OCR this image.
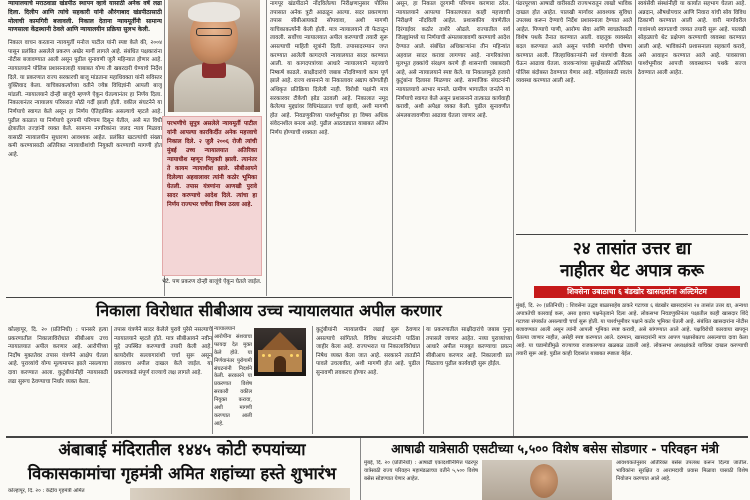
न्यायालयाचे मराठवाडा खंडपीठ स्थापन व्हावे यासाठी अनेक वर्षे लढा दिला. दिलीप आणि त्यांचे सहकारी यांनी औरंगाबाद खंडपीठासाठी मोलाची कामगिरी बजावली. निकाल देताना न्यायमूर्तींनी सामान्य माणसाला केंद्रस्थानी ठेवले आणि न्यायालयीन प्रक्रिया सुलभ केली.
निकाल वाचन करताना न्यायमूर्ती मनोज पाटील यांनी स्पष्ट केले की, २००४ पासून प्रलंबित असलेले प्रकरण अखेर मार्गी लागले आहे. संबंधित पक्षकारांना नोटीस बजावण्यात आली असून पुढील सुनावणी जुलै महिन्यात होणार आहे. न्यायालयाने पोलिस प्रशासनालाही याबाबत योग्य ती खबरदारी घेण्याचे निर्देश दिले. या प्रकरणात राज्य सरकारची बाजू मांडताना महाधिवक्ता यांनी सविस्तर युक्तिवाद केला. याचिकाकर्त्यांच्या वतीने ज्येष्ठ विधिज्ञांनी आपली बाजू मांडली. न्यायालयाने दोन्ही बाजूंचे म्हणणे ऐकून घेतल्यानंतर हा निर्णय दिला. निकालानंतर न्यायालय परिसरात मोठी गर्दी झाली होती. वकील संघटनेने या निर्णयाचे स्वागत केले असून हा निर्णय ऐतिहासिक असल्याचे म्हटले आहे. पुढील काळात या निर्णयाचे दूरगामी परिणाम दिसून येतील, असे मत विधी क्षेत्रातील तज्ज्ञांनी व्यक्त केले. सामान्य नागरिकांना जलद न्याय मिळावा यासाठी न्यायालयीन सुधारणा आवश्यक आहेत. प्रलंबित खटल्यांची संख्या कमी करण्यासाठी अतिरिक्त न्यायाधीशांची नियुक्ती करण्याची मागणी होत आहे.
परभणीचे सुपुत्र असलेले न्यायमूर्ती पाटील यांनी आपल्या कारकिर्दीत अनेक महत्त्वाचे निकाल दिले. २ जुलै २००६ रोजी त्यांची मुंबई उच्च न्यायालयात अतिरिक्त न्यायाधीश म्हणून नियुक्ती झाली. त्यानंतर ते कायम न्यायाधीश झाले. सीबीआयने दिलेल्या अहवालावर त्यांनी कठोर भूमिका घेतली. तपास यंत्रणांना आणखी पुरावे सादर करण्याचे आदेश दिले. त्यांचा हा निर्णय राज्यभर चर्चेचा विषय ठरला आहे.
भेटे. पण प्रकरण दोन्ही बाजूंचे ऐकून घेतले जाईल.
नागपूर खंडपीठाने नोंदविलेल्या निरीक्षणानुसार पोलिस तपासात अनेक त्रुटी आढळून आल्या. सदर प्रकरणाचा तपास सीबीआयकडे सोपवावा, अशी मागणी याचिकाकर्त्यांनी केली होती. मात्र न्यायालयाने ती फेटाळून लावली. सर्वोच्च न्यायालयात अपील करण्याची तयारी सुरू असल्याची माहिती सूत्रांनी दिली. तपासादरम्यान जप्त करण्यात आलेली कागदपत्रे न्यायालयात सादर करण्यात आली. या कागदपत्रांच्या आधारे न्यायालयाने महत्त्वाचे निष्कर्ष काढले. साक्षीदारांचे जबाब नोंदविण्याचे काम पूर्ण झाले आहे. राज्य शासनाने या निकालावर अद्याप कोणतीही अधिकृत प्रतिक्रिया दिलेली नाही. विरोधी पक्षांनी मात्र सरकारवर टीकेची झोड उठवली आहे. निकालात नमूद केलेल्या मुद्द्यांवर विधिमंडळात चर्चा व्हावी, अशी मागणी होत आहे. निवडणुकीच्या पार्श्वभूमीवर हा विषय अधिक संवेदनशील बनला आहे. पुढील आठवड्यात याबाबत अंतिम निर्णय होण्याची शक्यता आहे.
असून, हा निकाल दूरगामी परिणाम करणारा ठरेल. न्यायालयाने आपल्या निकालपत्रात काही महत्त्वाची निरीक्षणे नोंदविली आहेत. प्रशासकीय यंत्रणेतील दिरंगाईवर कठोर ताशेरे ओढले. राज्यातील सर्व जिल्ह्यांमध्ये या निर्णयाची अंमलबजावणी करण्याचे आदेश देण्यात आले. संबंधित अधिकाऱ्यांना तीन महिन्यांत अहवाल सादर करावा लागणार आहे. नागरिकांच्या मूलभूत हक्कांचे संरक्षण करणे ही शासनाची जबाबदारी आहे, असे न्यायालयाने स्पष्ट केले. या निकालामुळे हजारो कुटुंबांना दिलासा मिळणार आहे. सामाजिक संघटनांनी न्यायालयाचे आभार मानले. ग्रामीण भागातील जनतेने या निर्णयाचे स्वागत केले असून प्रशासनाने तात्काळ कार्यवाही करावी, अशी अपेक्षा व्यक्त केली. पुढील सुनावणीत अंमलबजावणीचा आढावा घेतला जाणार आहे.
पंढरपूरच्या आषाढी वारीसाठी राज्यभरातून लाखो भाविक दाखल होत आहेत. पालखी मार्गावर आवश्यक सुविधा उपलब्ध करून देण्याचे निर्देश प्रशासनाला देण्यात आले आहेत. पिण्याचे पाणी, आरोग्य सेवा आणि स्वच्छतेसाठी विशेष पथके तैनात करण्यात आली. वाहतूक व्यवस्थेत बदल करण्यात आले असून पर्यायी मार्गांची घोषणा करण्यात आली. जिल्हाधिकाऱ्यांनी सर्व यंत्रणांची बैठक घेऊन आढावा घेतला. वारकऱ्यांच्या सुरक्षेसाठी अतिरिक्त पोलिस बंदोबस्त ठेवण्यात येणार आहे. महिलांसाठी स्वतंत्र व्यवस्था करण्यात आली आहे.
स्वयंसेवी संस्थांनीही या कार्यात सहभाग घेतला आहे. अन्नदान, औषधोपचार आणि निवारा यांची सोय विविध ठिकाणी करण्यात आली आहे. वारी मार्गावरील गावांमध्ये स्वागताची जय्यत तयारी सुरू आहे. पालखी सोहळ्याचे थेट प्रक्षेपण करण्याची व्यवस्था करण्यात आली आहे. भाविकांनी प्रशासनाला सहकार्य करावे, असे आवाहन करण्यात आले आहे. पावसाच्या पार्श्वभूमीवर आपत्ती व्यवस्थापन पथके सज्ज ठेवण्यात आली आहेत.
२४ तासांत उत्तर द्या
नाहीतर थेट अपात्र करू
शिवसेना उबाठाचा ६ बंडखोर खासदारांना अल्टिमेटम
मुंबई, दि. २० (प्रतिनिधी) : शिवसेना उद्धव बाळासाहेब ठाकरे गटाच्या ६ बंडखोर खासदारांना २४ तासांत उत्तर द्या, अन्यथा अपात्रतेची कारवाई करू, असा इशारा पक्षनेतृत्वाने दिला आहे. लोकसभा निवडणुकीनंतर पक्षातील काही खासदार शिंदे गटाच्या संपर्कात असल्याची चर्चा सुरू होती. या पार्श्वभूमीवर पक्षाने कठोर भूमिका घेतली आहे. संबंधित खासदारांना नोटीस बजावण्यात आली असून त्यांनी आपली भूमिका स्पष्ट करावी, असे सांगण्यात आले आहे. पक्षविरोधी कारवाया खपवून घेतल्या जाणार नाहीत, असेही स्पष्ट करण्यात आले. दरम्यान, खासदारांनी मात्र आपण पक्षासोबतच असल्याचा दावा केला आहे. या घडामोडींमुळे राज्याच्या राजकारणात खळबळ उडाली आहे. लोकसभा अध्यक्षांकडे याचिका दाखल करण्याची तयारी सुरू आहे. पुढील काही दिवसांत याबाबत स्पष्टता येईल.
निकाला विरोधात सीबीआय उच्च न्यायालयात अपील करणार
कोल्हापूर, दि. २० (प्रतिनिधी) : पानसरे हत्या प्रकरणातील निकालाविरोधात सीबीआय उच्च न्यायालयात अपील करणार आहे. आरोपींच्या निर्दोष मुक्ततेवर तपास यंत्रणेने आक्षेप घेतला आहे. पुराव्यांचे योग्य मूल्यमापन झाले नसल्याचा दावा करण्यात आला. कुटुंबीयांनीही न्यायासाठी लढा सुरूच ठेवण्याचा निर्धार व्यक्त केला.
तपास यंत्रणेने सादर केलेले पुरावे पुरेसे नसल्याचे न्यायालयाने म्हटले होते. मात्र सीबीआयने नवीन मुद्दे उपस्थित करण्याची तयारी केली आहे. कायदेशीर सल्लागारांशी चर्चा सुरू असून लवकरच अपील दाखल केले जाईल. या प्रकरणाकडे संपूर्ण राज्याचे लक्ष लागले आहे.
न्यायालयाने आरोपींना संशयाचा फायदा देत मुक्त केले होते. या निर्णयानंतर पुरोगामी संघटनांनी निदर्शने केली. सरकारने या प्रकरणात विशेष सरकारी वकील नियुक्त करावा, अशी मागणी करण्यात आली आहे.
कुटुंबीयांनी न्यायालयीन लढाई सुरू ठेवणार असल्याचे सांगितले. विविध संघटनांनी पाठिंबा जाहीर केला आहे. राज्यभरात या निकालाविरोधात निषेध व्यक्त केला जात आहे. सरकारने तातडीने पावले उचलावीत, अशी मागणी होत आहे. पुढील सुनावणी लवकरच होणार आहे.
या प्रकरणातील साक्षीदारांचे जबाब पुन्हा तपासले जाणार आहेत. नव्या पुराव्यांच्या आधारे अपील मजबूत करण्याचा प्रयत्न सीबीआय करणार आहे. निकालाची प्रत मिळताच पुढील कार्यवाही सुरू होईल.
अंबाबाई मंदिरातील १४४५ कोटी रुपयांच्या
विकासकामांचा गृहमंत्री अमित शहांच्या हस्ते शुभारंभ
कोल्हापूर, दि. २० : केंद्रीय गृहमंत्री अमित
आषाढी यात्रेसाठी एसटीच्या ५,५०० विशेष बसेस सोडणार - परिवहन मंत्री
मुंबई, दि. २० (प्रतिनिधी) : आषाढी एकादशीनिमित्त पंढरपूर यात्रेसाठी राज्य परिवहन महामंडळाच्या वतीने ५,५०० विशेष बसेस सोडण्यात येणार आहेत.
आवश्यकतेनुसार अतिरिक्त बसेस उपलब्ध करून दिल्या जातील. भाविकांना सुरक्षित व आरामदायी प्रवास मिळावा यासाठी विशेष नियोजन करण्यात आले आहे.
